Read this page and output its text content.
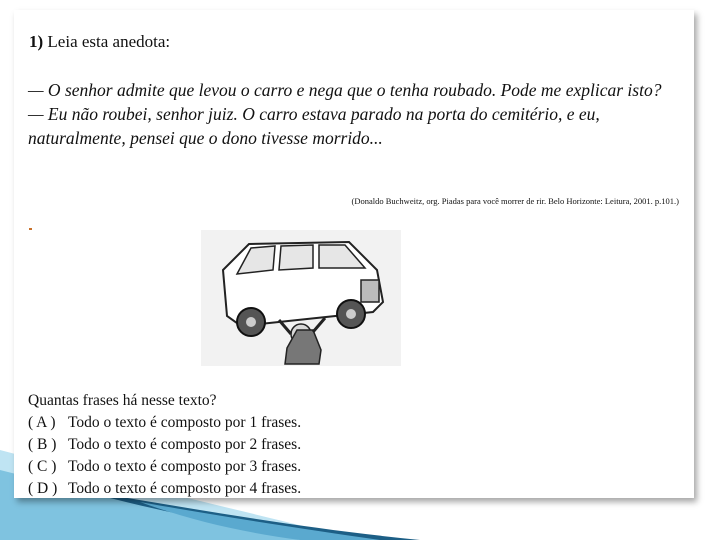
1) Leia esta anedota:

— O senhor admite que levou o carro e nega que o tenha roubado. Pode me explicar isto?

— Eu não roubei, senhor juiz. O carro estava parado na porta do cemitério, e eu, naturalmente, pensei que o dono tivesse morrido...

(Donaldo Buchweitz, org. Piadas para você morrer de rir. Belo Horizonte: Leitura, 2001. p.101.)

Quantas frases há nesse texto?

( A ) Todo o texto é composto por 1 frases.

( B ) Todo o texto é composto por 2 frases.

( C ) Todo o texto é composto por 3 frases.

( D ) Todo o texto é composto por 4 frases.
